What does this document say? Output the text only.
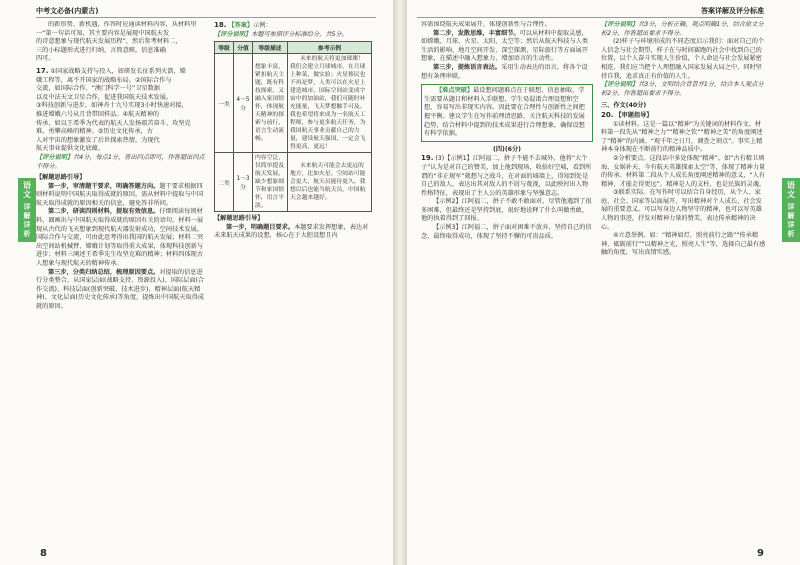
中考文必备(内蒙古)
语
文
详
解
详
析

的新形势、新机遇，作答时应通读材料内容，从材料里

一“第一句话可知，其主要内容是展现中国航天发

的诗意想象与现代航天发展历程”，然后参考材料二，

三的小标题形式进行归纳，言简意赅，信息准确

四可。

17. ①国家战略支持与投入，如研发长征系列火箭，嫦

娥工程等，离不开国家的战略布局。②国际合作与

交流，如国际合作、“澳门科学一号”卫星数据

以及中法天文卫星合作，促进我国航天技术发展。

③科技创新与进步，如神舟十九号实现3小时快速对接，

推进嫦娥六号从月背带回样品。④航天精神的

传承，如以王希季为代表的航天人发扬艰苦奋斗、攻坚克

难、勇攀高峰的精神。⑤历史文化传承，古

人对宇宙的想象激发了后世探索热情，为现代

航天事业提供文化底蕴。

【评分说明】共4分，每点1分，答出四点即可，作答超出四点不得分。

【解题思路引导】

第一步，审清题干要求，明确答题方向。题干要求根据四则材料说明中国航天取得成就的原因，需从材料中提取与中国航天取得成就的原因相关的信息，避免答非所问。

第二步，研读四则材料，提取有效信息。仔细阅读每则材料，圈画出与中国航天取得成就的原因有关的语句。材料一展现从古代的飞天想象到现代航天器发射成功，空间技术发展，国际合作与交流，可由此思考得出我国的航天发展；材料二突出空间站机械臂、嫦娥计划等取得重大成果，体现科技创新与进步；材料三阐述王希季先生攻坚克难的精神；材料四体现古人想象与现代航天的精神传承。

第三步，分类归纳总结，梳理原因要点。对提取的信息进行分类整合，从国家层面(战略支持、资源投入)、国际层面(合作交流)、科技层面(创新突破、技术进步)、精神层面(航天精神)、文化层面(历史文化传承)等角度，提炼出中国航天取得成就的原因。

18. 【答案】示例：

【评分说明】本题可参照评分标准给分，共5分。

等级	分值	等级描述	参考示例
一类	4～5分	想象丰富，紧扣航天主题，既有科技探索，又融入家国情怀，体现航天精神的探索与前行，语言生动流畅。	未来的航天将更加璀璨！我们会建立月球城市，在月球上种菜，做实验；火星移民也不再是梦，人类可以在火星上建造城市。国际空间站变成宇宙中的加油站，我们可随时补充能量，飞天梦想触手可及。我也希望将来成为一名航天工程师，参与更多航天任务，为我国航天事业贡献自己的力量，建设航天强国，一定会飞得更高，更远！
二类	1～3分	内容空泛，仅简单提及航天发展，缺少想象细节和家国情怀，语言平淡。	未来航天可能会去更远的地方，比如火星。空间站可能会更大，航天员能待更久。我想以后也能当航天员，中国航天会越来越好。

【解题思路引导】

第一步，明确题目要求。本题要求发挥想象，表达对未来航天成果的设想，核心在于大胆设想且内

8
答案详解及评分标准
语
文
详
解
详
析

容需围绕航天成果展开，体现创新性与合理性。

第二步，发散思维，丰富细节。可以从材料中提取灵感，如嫦娥、月球、火星、太阳、太空等；然后从航天科技与人类生活的影响、地月空间开发、深空探测、星际旅行等方面展开想象，在描述中融入想象力，增加语言的生动性。

第三步，提炼语言表达。采用生动表达的语言，将各个设想有条理串联。

【难点突破】最设想问题难点在于联想、信息抽取，学生需要从题目和材料入手联想，学生易混淆合理设想和空想，容易写出非现实内容。因此要在合理性与创新性之间把握平衡。建议学生在写作前理清思路，关注航天科技的发展趋势，结合材料中提到的技术成果进行合理想象，确保设想有科学依据。

(四)(6分)

19. (3)【示例1】江阿福二，拼子不能不去城外，他将“大个子”认为是对自己的赞美，加上他到现场，收拾好空城，看到所谓的“非正规军”就想与之战斗，在对面的城墙上，得知到处是自己的敌人，表达出其对敌人的不屑与蔑视，以此映衬出人物性格特征，表现出了主人公的英雄形象与坚强意志。

【示例2】江阿福二，拼子不敢不敢面对，尽管他遇到了很多困难，但最终还是坚持到底，很好地诠释了什么叫做勇敢，他的执着得到了回报。

【示例3】江阿福二，拼子面对困难不放弃，坚持自己的信念，最终取得成功，体现了坚持不懈的可贵品质。

【评分说明】共3分，分析正确，观点明确1分，结合原文分析2分，作答超出要求不得分。

(2)样子与环境形成的不同态度启示我们：面对自己的个人信念与社会期望，样子在与时间赛跑的社会中找到自己的位置，以个人奋斗实现人生价值，个人命运与社会发展紧密相连，我们应当把个人理想融入国家发展大局之中，同时坚持自我，追求真正有价值的人生。

【评分说明】共3分，文明结合背景并1分，结合本人观点分析2分，作答超出要求不得分。

三、作文(40分)

20. 【审题指导】

①读材料。这是一篇以“精神”为关键词的材料作文。材料第一段先从“精神之力”“精神之钦”“精神之美”的角度阐述了“精神”的内涵。“观千年之日月，调查之刻点”。事实上精神本身体现在不断前行的精神品质中。

②分析要点。这段话中多处体现“精神”。如“古有精卫填海、女娲补天，今有航天英雄探索太空”等，体现了精神力量的传承。材料第二段从个人成长角度阐述精神的意义，“人有精神，才能走得更远”。精神是人的支柱，也是民族的灵魂。

③联系实际。在写作时可以结合自身经历，从个人、家庭、社会、国家等层面展开，写出精神对个人成长、社会发展的重要意义。可以写身边人物坚守的精神，也可以写英雄人物的事迹，抒发对精神力量的赞美，表达传承精神的决心。

④立意举例。如：“精神如灯，照亮前行之路”“传承精神，砥砺前行”“以精神之光，照亮人生”等，选择自己最有感触的角度，写出真情实感。

9
